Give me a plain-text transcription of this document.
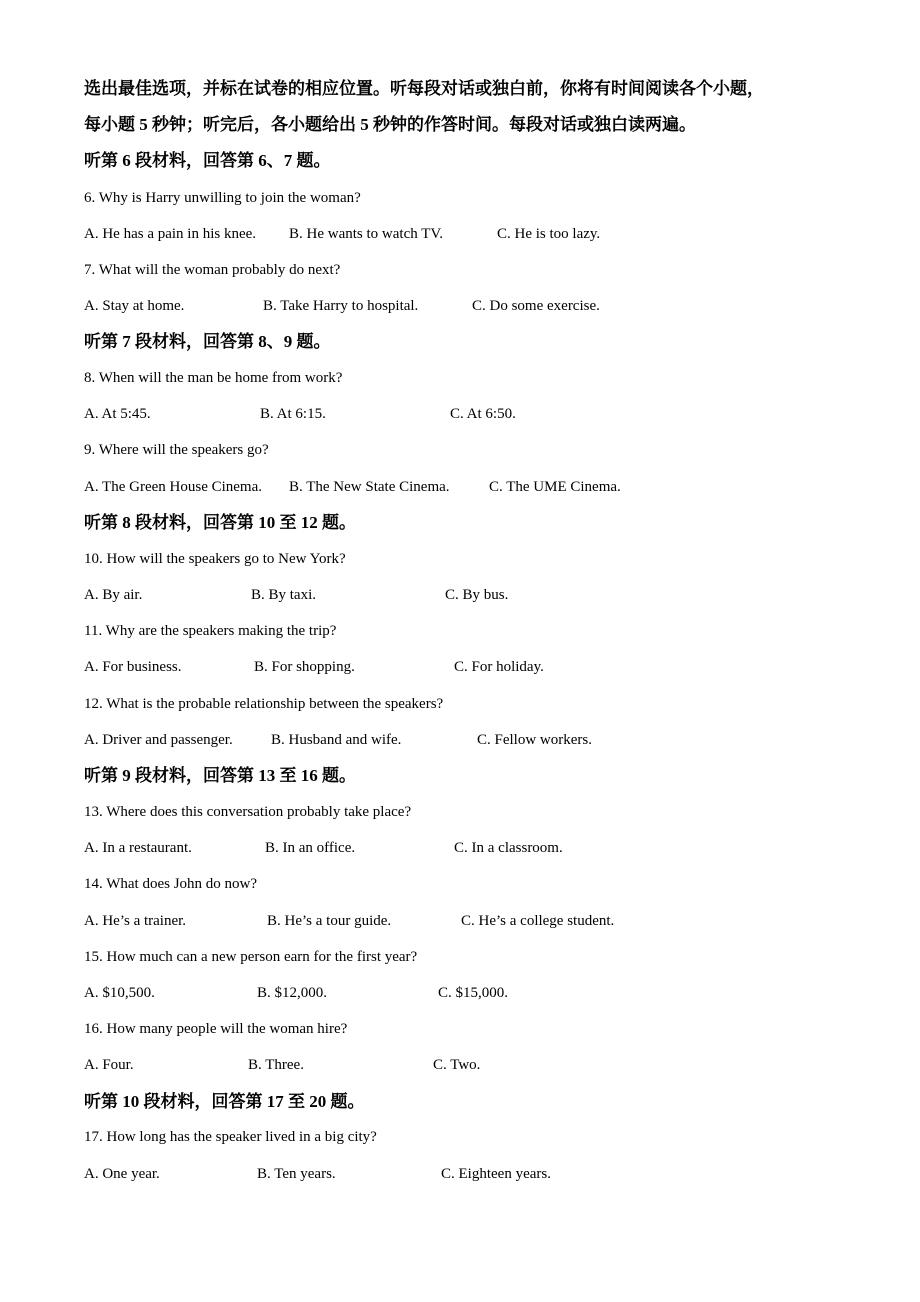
选出最佳选项，并标在试卷的相应位置。听每段对话或独白前，你将有时间阅读各个小题，
每小题 5 秒钟；听完后，各小题给出 5 秒钟的作答时间。每段对话或独白读两遍。
听第 6 段材料，回答第 6、7 题。
6. Why is Harry unwilling to join the woman?
A. He has a pain in his knee. B. He wants to watch TV.	C. He is too lazy.
7. What will the woman probably do next?
A. Stay at home.	B. Take Harry to hospital.	C. Do some exercise.
听第 7 段材料，回答第 8、9 题。
8. When will the man be home from work?
A. At 5:45.	B. At 6:15.	C. At 6:50.
9. Where will the speakers go?
A. The Green House Cinema. B. The New State Cinema.	C. The UME Cinema.
听第 8 段材料，回答第 10 至 12 题。
10. How will the speakers go to New York?
A. By air.	B. By taxi.	C. By bus.
11. Why are the speakers making the trip?
A. For business.	B. For shopping.	C. For holiday.
12. What is the probable relationship between the speakers?
A. Driver and passenger.	B. Husband and wife.	C. Fellow workers.
听第 9 段材料，回答第 13 至 16 题。
13. Where does this conversation probably take place?
A. In a restaurant.	B. In an office.	C. In a classroom.
14. What does John do now?
A. He’s a trainer.	B. He’s a tour guide.	C. He’s a college student.
15. How much can a new person earn for the first year?
A. $10,500.	B. $12,000.	C. $15,000.
16. How many people will the woman hire?
A. Four.	B. Three.	C. Two.
听第 10 段材料，回答第 17 至 20 题。
17. How long has the speaker lived in a big city?
A. One year.	B. Ten years.	C. Eighteen years.
